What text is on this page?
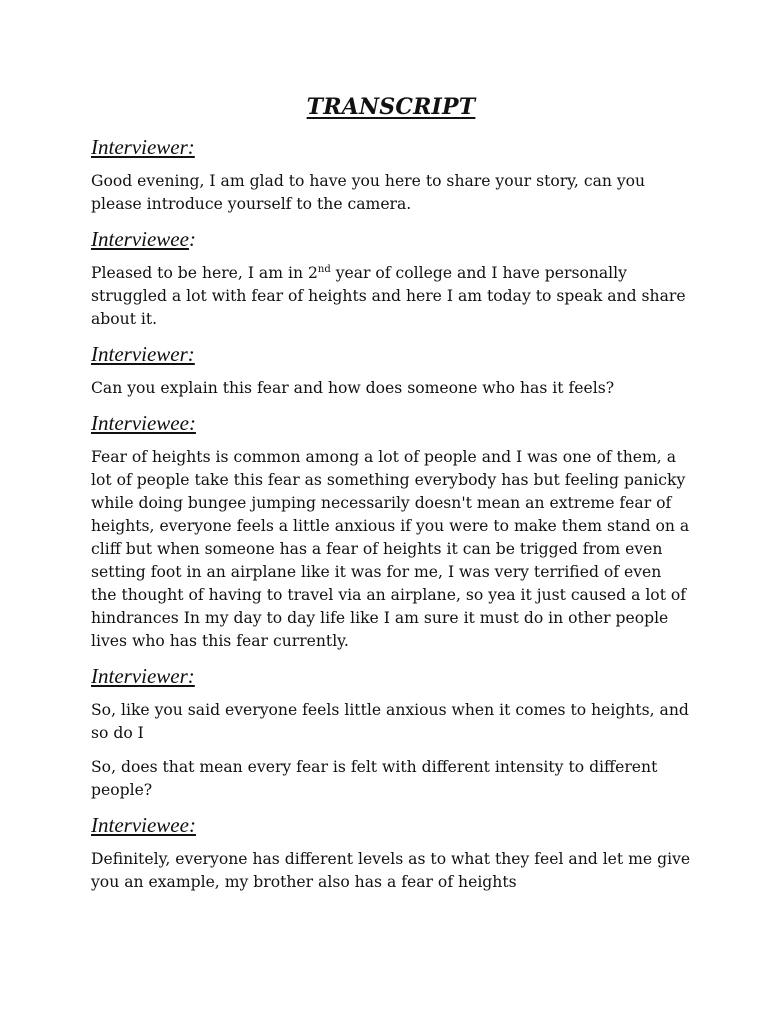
TRANSCRIPT
Interviewer:
Good evening, I am glad to have you here to share your story, can you please introduce yourself to the camera.
Interviewee:
Pleased to be here, I am in 2nd year of college and I have personally struggled a lot with fear of heights and here I am today to speak and share about it.
Interviewer:
Can you explain this fear and how does someone who has it feels?
Interviewee:
Fear of heights is common among a lot of people and I was one of them, a lot of people take this fear as something everybody has but feeling panicky while doing bungee jumping necessarily doesn't mean an extreme fear of heights, everyone feels a little anxious if you were to make them stand on a cliff but when someone has a fear of heights it can be trigged from even setting foot in an airplane like it was for me, I was very terrified of even the thought of having to travel via an airplane, so yea it just caused a lot of hindrances In my day to day life like I am sure it must do in other people lives who has this fear currently.
Interviewer:
So, like you said everyone feels little anxious when it comes to heights, and so do I
So, does that mean every fear is felt with different intensity to different people?
Interviewee:
Definitely, everyone has different levels as to what they feel and let me give you an example, my brother also has a fear of heights
